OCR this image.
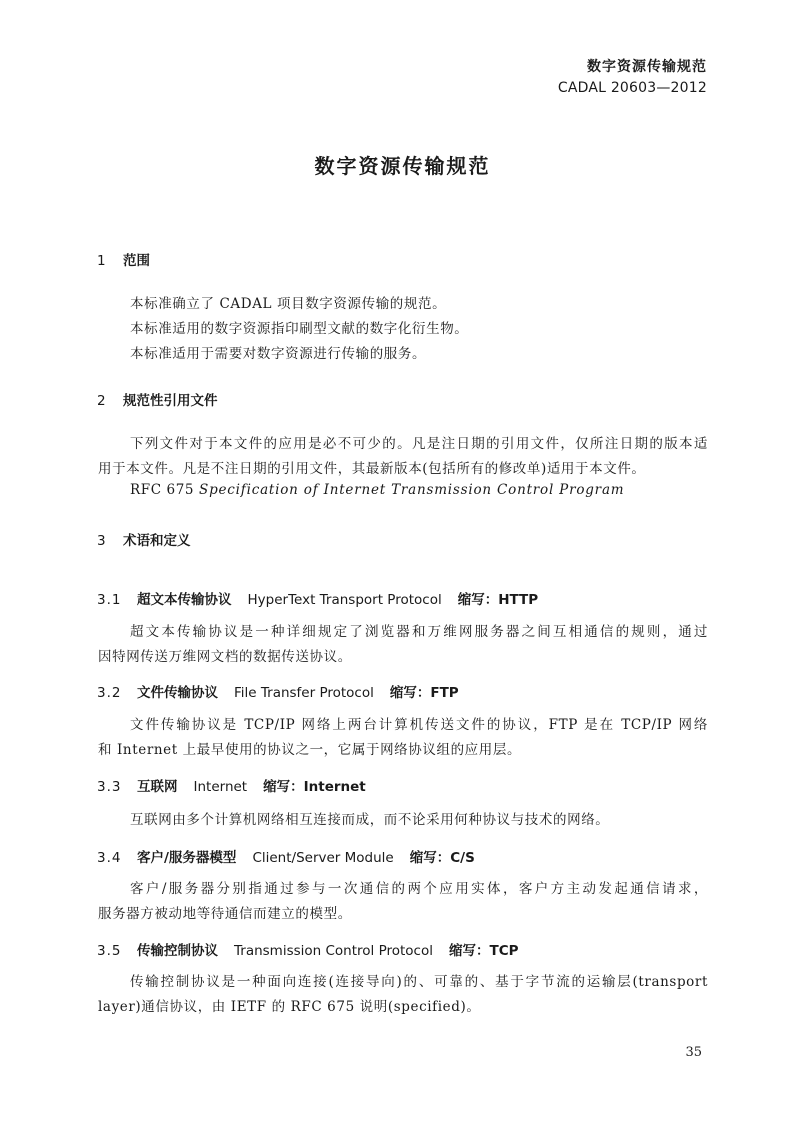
数字资源传输规范
CADAL 20603—2012
数字资源传输规范
1 范围
本标准确立了 CADAL 项目数字资源传输的规范。
本标准适用的数字资源指印刷型文献的数字化衍生物。
本标准适用于需要对数字资源进行传输的服务。
2 规范性引用文件
下列文件对于本文件的应用是必不可少的。凡是注日期的引用文件，仅所注日期的版本适
用于本文件。凡是不注日期的引用文件，其最新版本(包括所有的修改单)适用于本文件。
RFC 675 Specification of Internet Transmission Control Program
3 术语和定义
3.1 超文本传输协议 HyperText Transport Protocol 缩写：HTTP
超文本传输协议是一种详细规定了浏览器和万维网服务器之间互相通信的规则，通过
因特网传送万维网文档的数据传送协议。
3.2 文件传输协议 File Transfer Protocol 缩写：FTP
文件传输协议是 TCP/IP 网络上两台计算机传送文件的协议，FTP 是在 TCP/IP 网络
和 Internet 上最早使用的协议之一，它属于网络协议组的应用层。
3.3 互联网 Internet 缩写：Internet
互联网由多个计算机网络相互连接而成，而不论采用何种协议与技术的网络。
3.4 客户/服务器模型 Client/Server Module 缩写：C/S
客户/服务器分别指通过参与一次通信的两个应用实体，客户方主动发起通信请求，
服务器方被动地等待通信而建立的模型。
3.5 传输控制协议 Transmission Control Protocol 缩写：TCP
传输控制协议是一种面向连接(连接导向)的、可靠的、基于字节流的运输层(transport
layer)通信协议，由 IETF 的 RFC 675 说明(specified)。
35
